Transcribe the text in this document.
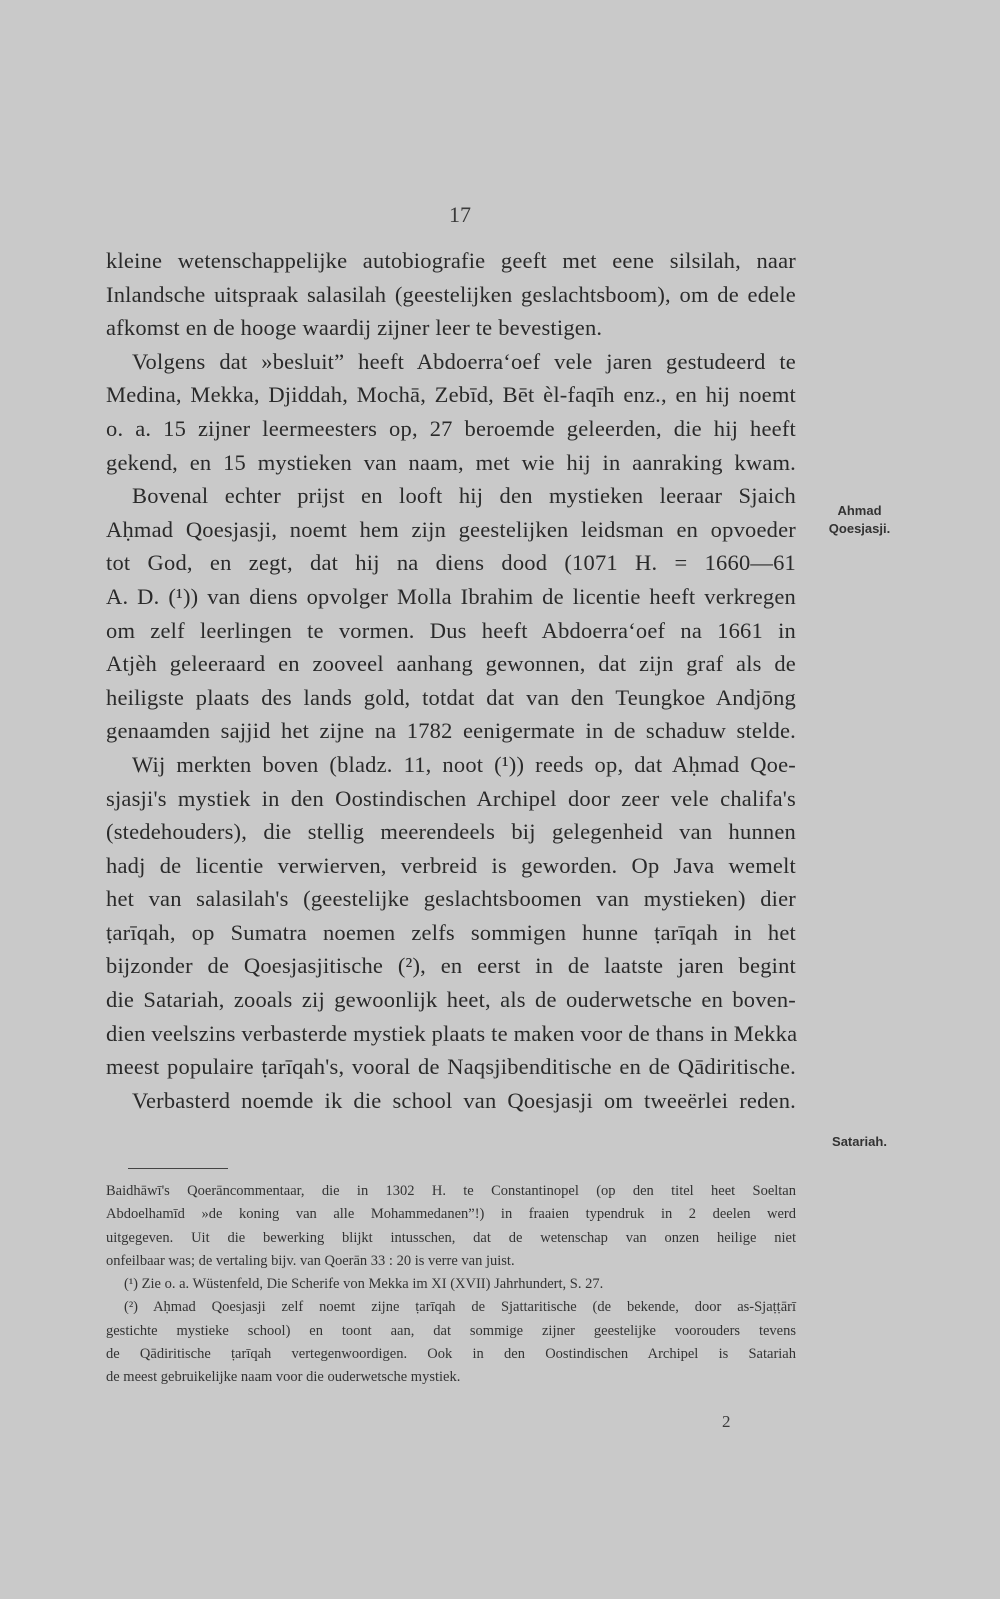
17
kleine wetenschappelijke autobiografie geeft met eene silsilah, naar
Inlandsche uitspraak salasilah (geestelijken geslachtsboom), om de edele
afkomst en de hooge waardij zijner leer te bevestigen.
Volgens dat »besluit” heeft Abdoerra‘oef vele jaren gestudeerd te
Medina, Mekka, Djiddah, Mochā, Zebīd, Bēt èl-faqīh enz., en hij noemt
o. a. 15 zijner leermeesters op, 27 beroemde geleerden, die hij heeft
gekend, en 15 mystieken van naam, met wie hij in aanraking kwam.
Bovenal echter prijst en looft hij den mystieken leeraar Sjaich
Aḥmad Qoesjasji, noemt hem zijn geestelijken leidsman en opvoeder
tot God, en zegt, dat hij na diens dood (1071 H. = 1660—61
A. D. (¹)) van diens opvolger Molla Ibrahim de licentie heeft verkregen
om zelf leerlingen te vormen. Dus heeft Abdoerra‘oef na 1661 in
Atjèh geleeraard en zooveel aanhang gewonnen, dat zijn graf als de
heiligste plaats des lands gold, totdat dat van den Teungkoe Andjōng
genaamden sajjid het zijne na 1782 eenigermate in de schaduw stelde.
Wij merkten boven (bladz. 11, noot (¹)) reeds op, dat Aḥmad Qoe-
sjasji's mystiek in den Oostindischen Archipel door zeer vele chalifa's
(stedehouders), die stellig meerendeels bij gelegenheid van hunnen
hadj de licentie verwierven, verbreid is geworden. Op Java wemelt
het van salasilah's (geestelijke geslachtsboomen van mystieken) dier
ṭarīqah, op Sumatra noemen zelfs sommigen hunne ṭarīqah in het
bijzonder de Qoesjasjitische (²), en eerst in de laatste jaren begint
die Satariah, zooals zij gewoonlijk heet, als de ouderwetsche en boven-
dien veelszins verbasterde mystiek plaats te maken voor de thans in Mekka
meest populaire ṭarīqah's, vooral de Naqsjibenditische en de Qādiritische.
Verbasterd noemde ik die school van Qoesjasji om tweeërlei reden.
Ahmad
Qoesjasji.
Satariah.
Baidhāwī's Qoerāncommentaar, die in 1302 H. te Constantinopel (op den titel heet Soeltan
Abdoelhamīd »de koning van alle Mohammedanen”!) in fraaien typendruk in 2 deelen werd
uitgegeven. Uit die bewerking blijkt intusschen, dat de wetenschap van onzen heilige niet
onfeilbaar was; de vertaling bijv. van Qoerān 33 : 20 is verre van juist.
(¹) Zie o. a. Wüstenfeld, Die Scherife von Mekka im XI (XVII) Jahrhundert, S. 27.
(²) Aḥmad Qoesjasji zelf noemt zijne ṭarīqah de Sjattaritische (de bekende, door as-Sjaṭṭārī
gestichte mystieke school) en toont aan, dat sommige zijner geestelijke voorouders tevens
de Qādiritische ṭarīqah vertegenwoordigen. Ook in den Oostindischen Archipel is Satariah
de meest gebruikelijke naam voor die ouderwetsche mystiek.
2
